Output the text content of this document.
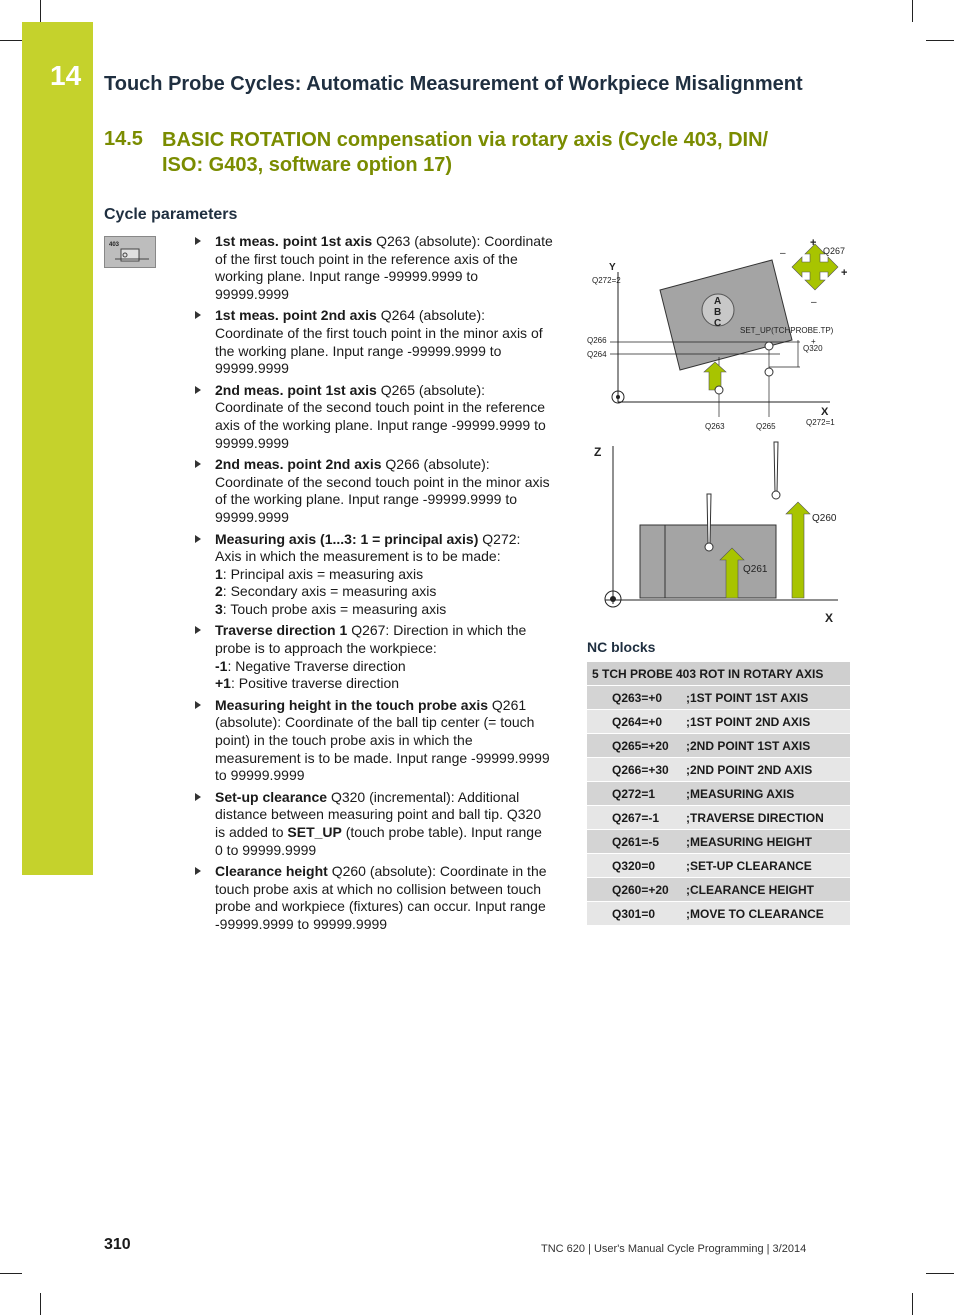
14 Touch Probe Cycles: Automatic Measurement of Workpiece Misalignment
14.5 BASIC ROTATION compensation via rotary axis (Cycle 403, DIN/ ISO: G403, software option 17)
Cycle parameters
403	1st meas. point 1st axis Q263 (absolute): Coordinate of the first touch point in the reference axis of the working plane. Input range -99999.9999 to 99999.9999
1st meas. point 2nd axis Q264 (absolute): Coordinate of the first touch point in the minor axis of the working plane. Input range -99999.9999 to 99999.9999
2nd meas. point 1st axis Q265 (absolute): Coordinate of the second touch point in the reference axis of the working plane. Input range -99999.9999 to 99999.9999
2nd meas. point 2nd axis Q266 (absolute): Coordinate of the second touch point in the minor axis of the working plane. Input range -99999.9999 to 99999.9999
Measuring axis (1...3: 1 = principal axis) Q272:
Axis in which the measurement is to be made:
1: Principal axis = measuring axis
2: Secondary axis = measuring axis
3: Touch probe axis = measuring axis
Traverse direction 1 Q267: Direction in which the probe is to approach the workpiece:
-1: Negative Traverse direction
+1: Positive traverse direction
Measuring height in the touch probe axis Q261 (absolute): Coordinate of the ball tip center (= touch point) in the touch probe axis in which the measurement is to be made. Input range -99999.9999 to 99999.9999
Set-up clearance Q320 (incremental): Additional distance between measuring point and ball tip. Q320 is added to SET_UP (touch probe table). Input range 0 to 99999.9999
Clearance height Q260 (absolute): Coordinate in the touch probe axis at which no collision between touch probe and workpiece (fixtures) can occur. Input range -99999.9999 to 99999.9999
A
B
C
+
+
–
–
Q267
Y
Q272=2
Q266
Q264
SET_UP(TCHPROBE.TP)
+
Q320
X
Q263	Q265	Q272=1
Z
X
Q261
Q260
NC blocks
5 TCH PROBE 403 ROT IN ROTARY AXIS	
Q263=+0	;1ST POINT 1ST AXIS
Q264=+0	;1ST POINT 2ND AXIS
Q265=+20	;2ND POINT 1ST AXIS
Q266=+30	;2ND POINT 2ND AXIS
Q272=1	;MEASURING AXIS
Q267=-1	;TRAVERSE DIRECTION
Q261=-5	;MEASURING HEIGHT
Q320=0	;SET-UP CLEARANCE
Q260=+20	;CLEARANCE HEIGHT
Q301=0	;MOVE TO CLEARANCE
310	TNC 620 | User's Manual Cycle Programming | 3/2014
